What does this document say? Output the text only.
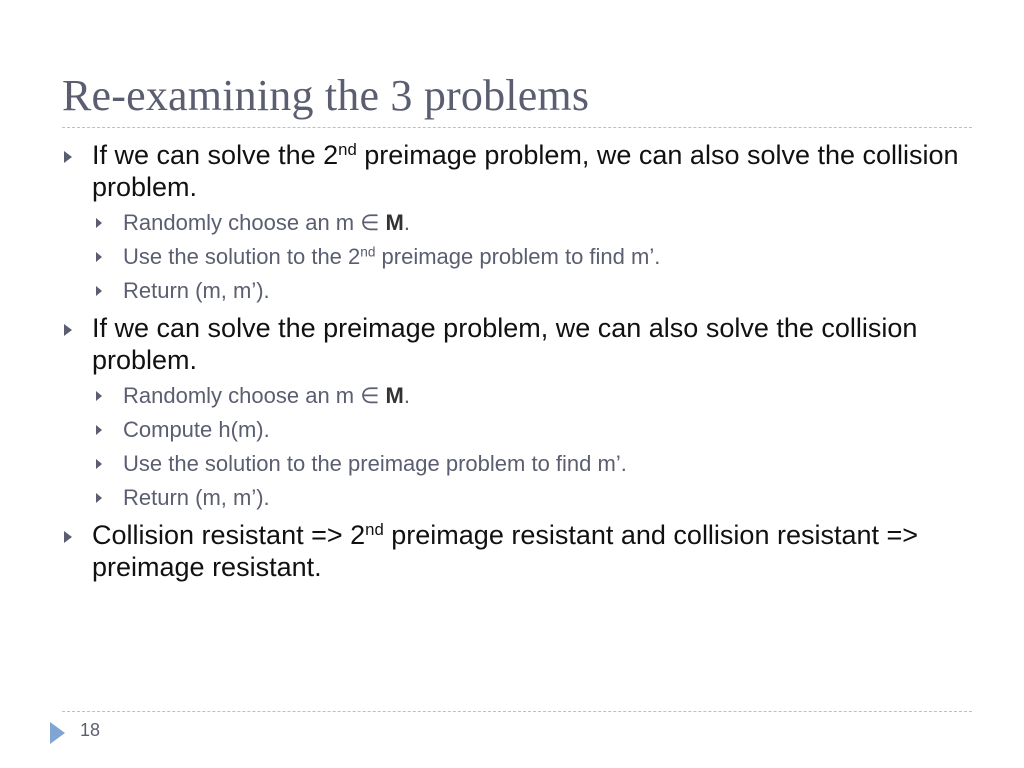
Re-examining the 3 problems
If we can solve the 2nd preimage problem, we can also solve the collision problem.
Randomly choose an m ∈ M.
Use the solution to the 2nd preimage problem to find m’.
Return (m, m’).
If we can solve the preimage problem, we can also solve the collision problem.
Randomly choose an m ∈ M.
Compute h(m).
Use the solution to the preimage problem to find m’.
Return (m, m’).
Collision resistant => 2nd preimage resistant and collision resistant => preimage resistant.
18
